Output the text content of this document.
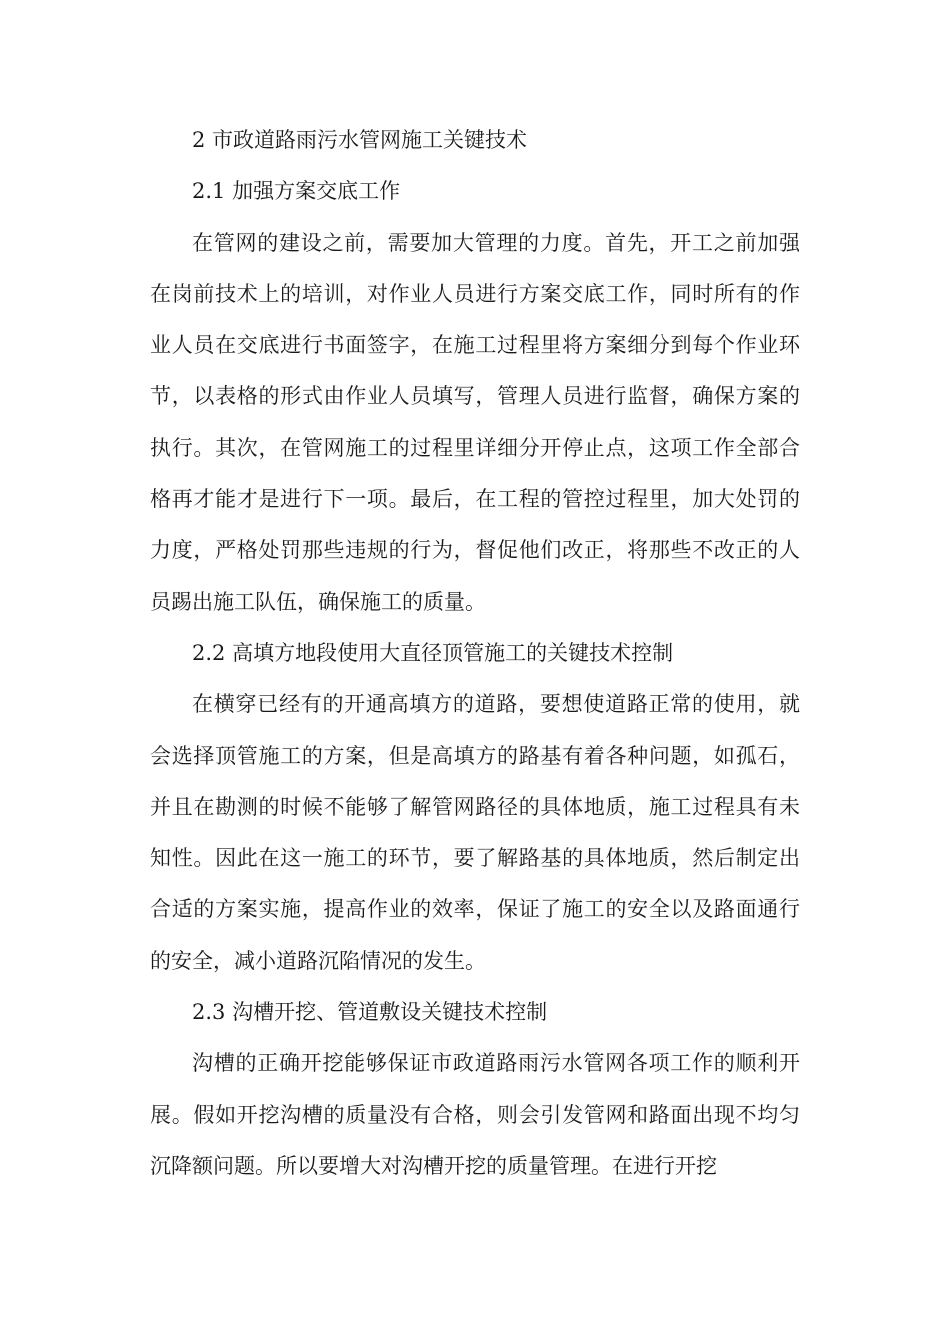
2 市政道路雨污水管网施工关键技术

2.1 加强方案交底工作

在管网的建设之前，需要加大管理的力度。首先，开工之前加强在岗前技术上的培训，对作业人员进行方案交底工作，同时所有的作业人员在交底进行书面签字，在施工过程里将方案细分到每个作业环节，以表格的形式由作业人员填写，管理人员进行监督，确保方案的执行。其次，在管网施工的过程里详细分开停止点，这项工作全部合格再才能才是进行下一项。最后，在工程的管控过程里，加大处罚的力度，严格处罚那些违规的行为，督促他们改正，将那些不改正的人员踢出施工队伍，确保施工的质量。

2.2 高填方地段使用大直径顶管施工的关键技术控制

在横穿已经有的开通高填方的道路，要想使道路正常的使用，就会选择顶管施工的方案，但是高填方的路基有着各种问题，如孤石，并且在勘测的时候不能够了解管网路径的具体地质，施工过程具有未知性。因此在这一施工的环节，要了解路基的具体地质，然后制定出合适的方案实施，提高作业的效率，保证了施工的安全以及路面通行的安全，减小道路沉陷情况的发生。

2.3 沟槽开挖、管道敷设关键技术控制

沟槽的正确开挖能够保证市政道路雨污水管网各项工作的顺利开展。假如开挖沟槽的质量没有合格，则会引发管网和路面出现不均匀沉降额问题。所以要增大对沟槽开挖的质量管理。在进行开挖
